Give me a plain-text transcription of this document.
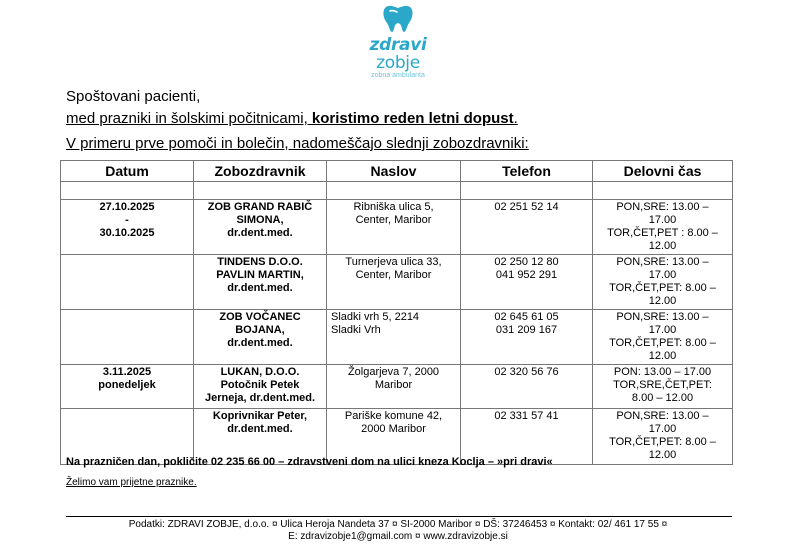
zdravi zobje
zobna ambulanta
Spoštovani pacienti,
med prazniki in šolskimi počitnicami, koristimo reden letni dopust.
V primeru prve pomoči in bolečin, nadomeščajo slednji zobozdravniki:
Datum	Zobozdravnik	Naslov	Telefon	Delovni čas

27.10.2025
-
30.10.2025	ZOB GRAND RABIČ
SIMONA,
dr.dent.med.	Ribniška ulica 5,
Center, Maribor	02 251 52 14	PON,SRE: 13.00 –
17.00
TOR,ČET,PET : 8.00 –
12.00

	TINDENS D.O.O.
PAVLIN MARTIN,
dr.dent.med.	Turnerjeva ulica 33,
Center, Maribor	02 250 12 80
041 952 291	PON,SRE: 13.00 –
17.00
TOR,ČET,PET: 8.00 –
12.00

	ZOB VOČANEC
BOJANA,
dr.dent.med.	Sladki vrh 5, 2214
Sladki Vrh	02 645 61 05
031 209 167	PON,SRE: 13.00 –
17.00
TOR,ČET,PET: 8.00 –
12.00

3.11.2025
ponedeljek	LUKAN, D.O.O.
Potočnik Petek
Jerneja, dr.dent.med.	Žolgarjeva 7, 2000
Maribor	02 320 56 76	PON: 13.00 – 17.00
TOR,SRE,ČET,PET:
8.00 – 12.00

	Koprivnikar Peter,
dr.dent.med.	Pariške komune 42,
2000 Maribor	02 331 57 41	PON,SRE: 13.00 –
17.00
TOR,ČET,PET: 8.00 –
12.00
Na prazničen dan, pokličite 02 235 66 00 – zdravstveni dom na ulici kneza Koclja – »pri dravi«
Želimo vam prijetne praznike.
Podatki: ZDRAVI ZOBJE, d.o.o. ¤ Ulica Heroja Nandeta 37 ¤ SI-2000 Maribor ¤ DŠ: 37246453 ¤ Kontakt: 02/ 461 17 55 ¤
E: zdravizobje1@gmail.com ¤ www.zdravizobje.si
